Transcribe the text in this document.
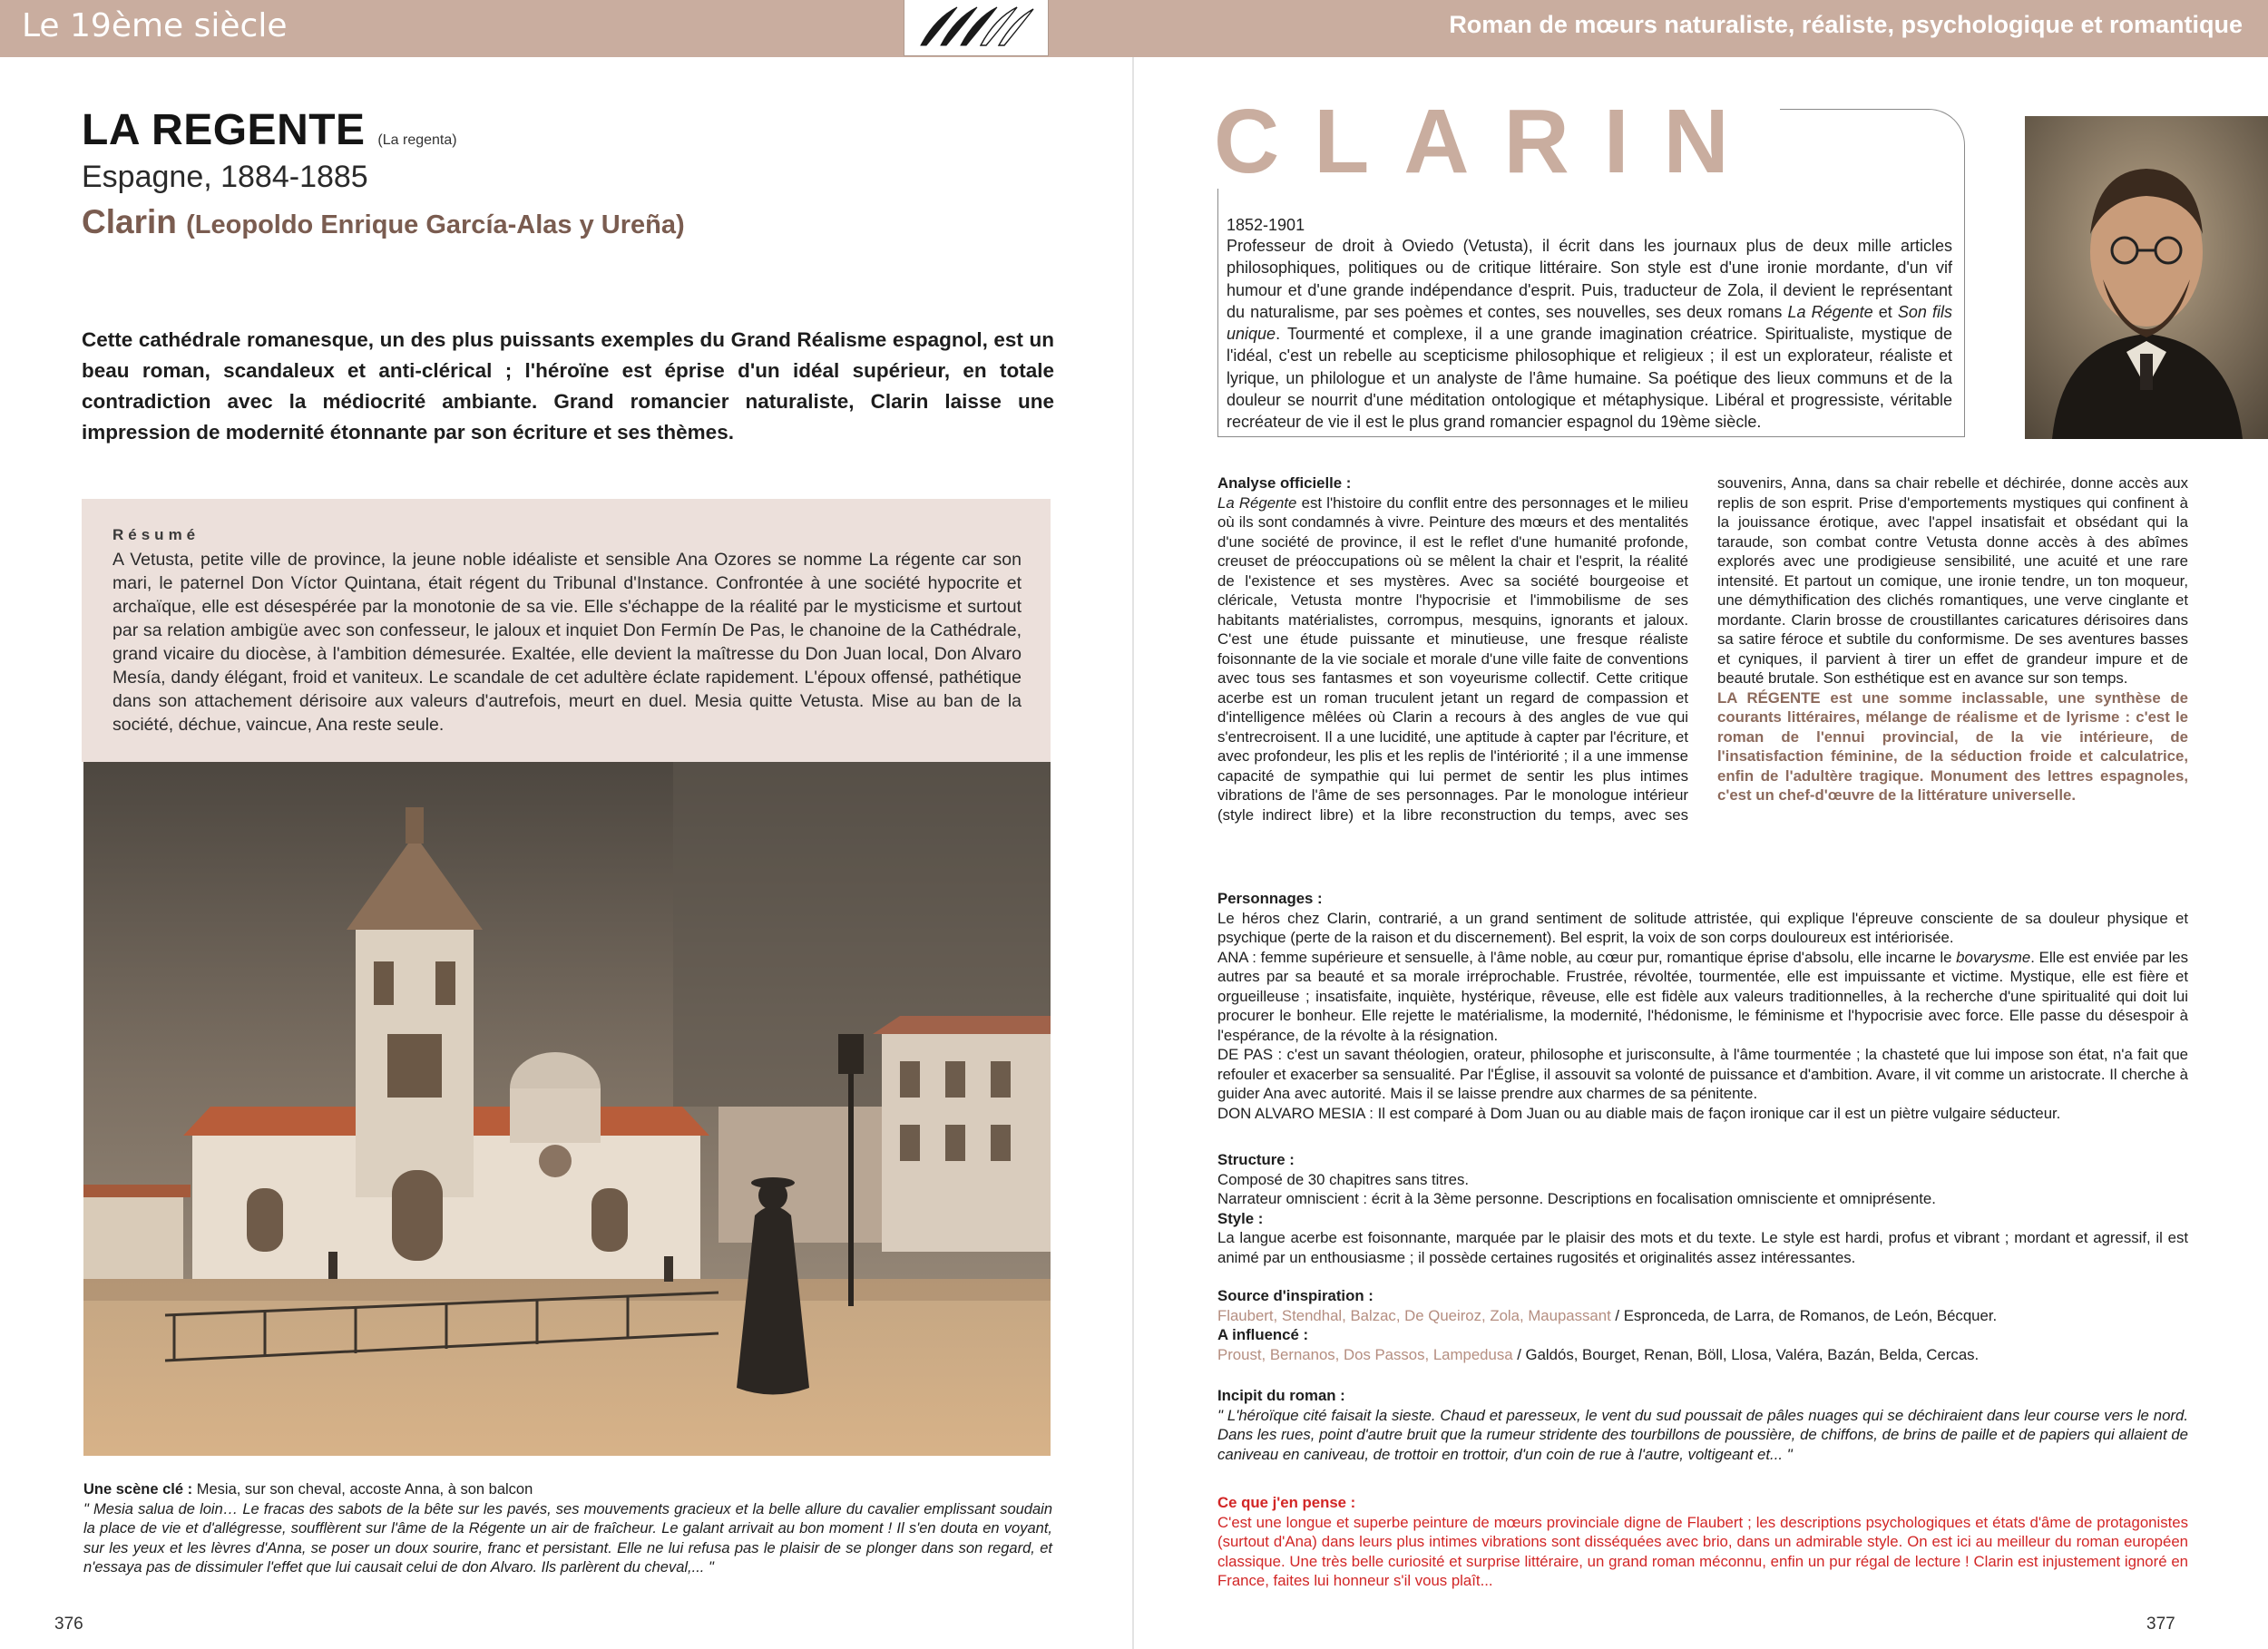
Le 19ème siècle	Roman de mœurs naturaliste, réaliste, psychologique et romantique
LA REGENTE (La regenta)
Espagne, 1884-1885
Clarin (Leopoldo Enrique García-Alas y Ureña)
Cette cathédrale romanesque, un des plus puissants exemples du Grand Réalisme espagnol, est un beau roman, scandaleux et anti-clérical ; l'héroïne est éprise d'un idéal supérieur, en totale contradiction avec la médiocrité ambiante. Grand romancier naturaliste, Clarin laisse une impression de modernité étonnante par son écriture et ses thèmes.
Résumé
A Vetusta, petite ville de province, la jeune noble idéaliste et sensible Ana Ozores se nomme La régente car son mari, le paternel Don Víctor Quintana, était régent du Tribunal d'Instance. Confrontée à une société hypocrite et archaïque, elle est désespérée par la monotonie de sa vie. Elle s'échappe de la réalité par le mysticisme et surtout par sa relation ambigüe avec son confesseur, le jaloux et inquiet Don Fermín De Pas, le chanoine de la Cathédrale, grand vicaire du diocèse, à l'ambition démesurée. Exaltée, elle devient la maîtresse du Don Juan local, Don Alvaro Mesía, dandy élégant, froid et vaniteux. Le scandale de cet adultère éclate rapidement. L'époux offensé, pathétique dans son attachement dérisoire aux valeurs d'autrefois, meurt en duel. Mesia quitte Vetusta. Mise au ban de la société, déchue, vaincue, Ana reste seule.
Une scène clé : Mesia, sur son cheval, accoste Anna, à son balcon
" Mesia salua de loin… Le fracas des sabots de la bête sur les pavés, ses mouvements gracieux et la belle allure du cavalier emplissant soudain la place de vie et d'allégresse, soufflèrent sur l'âme de la Régente un air de fraîcheur. Le galant arrivait au bon moment ! Il s'en douta en voyant, sur les yeux et les lèvres d'Anna, se poser un doux sourire, franc et persistant. Elle ne lui refusa pas le plaisir de se plonger dans son regard, et n'essaya pas de dissimuler l'effet que lui causait celui de don Alvaro. Ils parlèrent du cheval,... "
376
CLARIN
1852-1901
Professeur de droit à Oviedo (Vetusta), il écrit dans les journaux plus de deux mille articles philosophiques, politiques ou de critique littéraire. Son style est d'une ironie mordante, d'un vif humour et d'une grande indépendance d'esprit. Puis, traducteur de Zola, il devient le représentant du naturalisme, par ses poèmes et contes, ses nouvelles, ses deux romans La Régente et Son fils unique. Tourmenté et complexe, il a une grande imagination créatrice. Spiritualiste, mystique de l'idéal, c'est un rebelle au scepticisme philosophique et religieux ; il est un explorateur, réaliste et lyrique, un philologue et un analyste de l'âme humaine. Sa poétique des lieux communs et de la douleur se nourrit d'une méditation ontologique et métaphysique. Libéral et progressiste, véritable recréateur de vie il est le plus grand romancier espagnol du 19ème siècle.
Analyse officielle :
La Régente est l'histoire du conflit entre des personnages et le milieu où ils sont condamnés à vivre. Peinture des mœurs et des mentalités d'une société de province, il est le reflet d'une humanité profonde, creuset de préoccupations où se mêlent la chair et l'esprit, la réalité de l'existence et ses mystères. Avec sa société bourgeoise et cléricale, Vetusta montre l'hypocrisie et l'immobilisme de ses habitants matérialistes, corrompus, mesquins, ignorants et jaloux. C'est une étude puissante et minutieuse, une fresque réaliste foisonnante de la vie sociale et morale d'une ville faite de conventions avec tous ses fantasmes et son voyeurisme collectif. Cette critique acerbe est un roman truculent jetant un regard de compassion et d'intelligence mêlées où Clarin a recours à des angles de vue qui s'entrecroisent. Il a une lucidité, une aptitude à capter par l'écriture, et avec profondeur, les plis et les replis de l'intériorité ; il a une immense capacité de sympathie qui lui permet de sentir les plus intimes vibrations de l'âme de ses personnages. Par le monologue intérieur (style indirect libre) et la libre reconstruction du temps, avec ses souvenirs, Anna, dans sa chair rebelle et déchirée, donne accès aux replis de son esprit. Prise d'emportements mystiques qui confinent à la jouissance érotique, avec l'appel insatisfait et obsédant qui la taraude, son combat contre Vetusta donne accès à des abîmes explorés avec une prodigieuse sensibilité, une acuité et une rare intensité. Et partout un comique, une ironie tendre, un ton moqueur, une démythification des clichés romantiques, une verve cinglante et mordante. Clarin brosse de croustillantes caricatures dérisoires dans sa satire féroce et subtile du conformisme. De ses aventures basses et cyniques, il parvient à tirer un effet de grandeur impure et de beauté brutale. Son esthétique est en avance sur son temps.
LA RÉGENTE est une somme inclassable, une synthèse de courants littéraires, mélange de réalisme et de lyrisme : c'est le roman de l'ennui provincial, de la vie intérieure, de l'insatisfaction féminine, de la séduction froide et calculatrice, enfin de l'adultère tragique. Monument des lettres espagnoles, c'est un chef-d'œuvre de la littérature universelle.
Personnages :

Le héros chez Clarin, contrarié, a un grand sentiment de solitude attristée, qui explique l'épreuve consciente de sa douleur physique et psychique (perte de la raison et du discernement). Bel esprit, la voix de son corps douloureux est intériorisée.

ANA : femme supérieure et sensuelle, à l'âme noble, au cœur pur, romantique éprise d'absolu, elle incarne le bovarysme. Elle est enviée par les autres par sa beauté et sa morale irréprochable. Frustrée, révoltée, tourmentée, elle est impuissante et victime. Mystique, elle est fière et orgueilleuse ; insatisfaite, inquiète, hystérique, rêveuse, elle est fidèle aux valeurs traditionnelles, à la recherche d'une spiritualité qui doit lui procurer le bonheur. Elle rejette le matérialisme, la modernité, l'hédonisme, le féminisme et l'hypocrisie avec force. Elle passe du désespoir à l'espérance, de la révolte à la résignation.

DE PAS : c'est un savant théologien, orateur, philosophe et jurisconsulte, à l'âme tourmentée ; la chasteté que lui impose son état, n'a fait que refouler et exacerber sa sensualité. Par l'Église, il assouvit sa volonté de puissance et d'ambition. Avare, il vit comme un aristocrate. Il cherche à guider Ana avec autorité. Mais il se laisse prendre aux charmes de sa pénitente.

DON ALVARO MESIA : Il est comparé à Dom Juan ou au diable mais de façon ironique car il est un piètre vulgaire séducteur.

Structure :

Composé de 30 chapitres sans titres.

Narrateur omniscient : écrit à la 3ème personne. Descriptions en focalisation omnisciente et omniprésente.

Style :

La langue acerbe est foisonnante, marquée par le plaisir des mots et du texte. Le style est hardi, profus et vibrant ; mordant et agressif, il est animé par un enthousiasme ; il possède certaines rugosités et originalités assez intéressantes.

Source d'inspiration :

Flaubert, Stendhal, Balzac, De Queiroz, Zola, Maupassant / Espronceda, de Larra, de Romanos, de León, Bécquer.

A influencé :

Proust, Bernanos, Dos Passos, Lampedusa / Galdós, Bourget, Renan, Böll, Llosa, Valéra, Bazán, Belda, Cercas.

Incipit du roman :

" L'héroïque cité faisait la sieste. Chaud et paresseux, le vent du sud poussait de pâles nuages qui se déchiraient dans leur course vers le nord. Dans les rues, point d'autre bruit que la rumeur stridente des tourbillons de poussière, de chiffons, de brins de paille et de papiers qui allaient de caniveau en caniveau, de trottoir en trottoir, d'un coin de rue à l'autre, voltigeant et... "

Ce que j'en pense :

C'est une longue et superbe peinture de mœurs provinciale digne de Flaubert ; les descriptions psychologiques et états d'âme de protagonistes (surtout d'Ana) dans leurs plus intimes vibrations sont disséquées avec brio, dans un admirable style. On est ici au meilleur du roman européen classique. Une très belle curiosité et surprise littéraire, un grand roman méconnu, enfin un pur régal de lecture ! Clarin est injustement ignoré en France, faites lui honneur s'il vous plaît...

377
